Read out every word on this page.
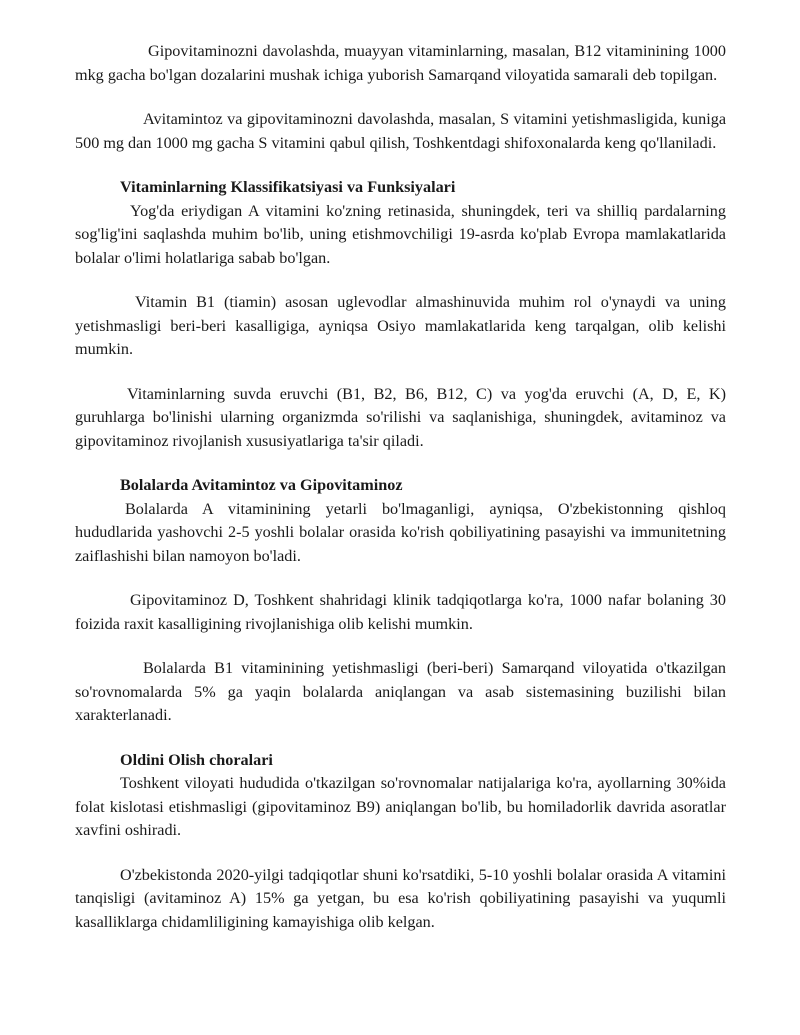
Gipovitaminozni davolashda, muayyan vitaminlarning, masalan, B12 vitaminining 1000 mkg gacha bo'lgan dozalarini mushak ichiga yuborish Samarqand viloyatida samarali deb topilgan.

Avitamintoz va gipovitaminozni davolashda, masalan, S vitamini yetishmasligida, kuniga 500 mg dan 1000 mg gacha S vitamini qabul qilish, Toshkentdagi shifoxonalarda keng qo'llaniladi.

Vitaminlarning Klassifikatsiyasi va Funksiyalari

Yog'da eriydigan A vitamini ko'zning retinasida, shuningdek, teri va shilliq pardalarning sog'lig'ini saqlashda muhim bo'lib, uning etishmovchiligi 19-asrda ko'plab Evropa mamlakatlarida bolalar o'limi holatlariga sabab bo'lgan.

Vitamin B1 (tiamin) asosan uglevodlar almashinuvida muhim rol o'ynaydi va uning yetishmasligi beri-beri kasalligiga, ayniqsa Osiyo mamlakatlarida keng tarqalgan, olib kelishi mumkin.

Vitaminlarning suvda eruvchi (B1, B2, B6, B12, C) va yog'da eruvchi (A, D, E, K) guruhlarga bo'linishi ularning organizmda so'rilishi va saqlanishiga, shuningdek, avitaminoz va gipovitaminoz rivojlanish xususiyatlariga ta'sir qiladi.

Bolalarda Avitamintoz va Gipovitaminoz

Bolalarda A vitaminining yetarli bo'lmaganligi, ayniqsa, O'zbekistonning qishloq hududlarida yashovchi 2-5 yoshli bolalar orasida ko'rish qobiliyatining pasayishi va immunitetning zaiflashishi bilan namoyon bo'ladi.

Gipovitaminoz D, Toshkent shahridagi klinik tadqiqotlarga ko'ra, 1000 nafar bolaning 30 foizida raxit kasalligining rivojlanishiga olib kelishi mumkin.

Bolalarda B1 vitaminining yetishmasligi (beri-beri) Samarqand viloyatida o'tkazilgan so'rovnomalarda 5% ga yaqin bolalarda aniqlangan va asab sistemasining buzilishi bilan xarakterlanadi.

Oldini Olish choralari

Toshkent viloyati hududida o'tkazilgan so'rovnomalar natijalariga ko'ra, ayollarning 30%ida folat kislotasi etishmasligi (gipovitaminoz B9) aniqlangan bo'lib, bu homiladorlik davrida asoratlar xavfini oshiradi.

O'zbekistonda 2020-yilgi tadqiqotlar shuni ko'rsatdiki, 5-10 yoshli bolalar orasida A vitamini tanqisligi (avitaminoz A) 15% ga yetgan, bu esa ko'rish qobiliyatining pasayishi va yuqumli kasalliklarga chidamliligining kamayishiga olib kelgan.
